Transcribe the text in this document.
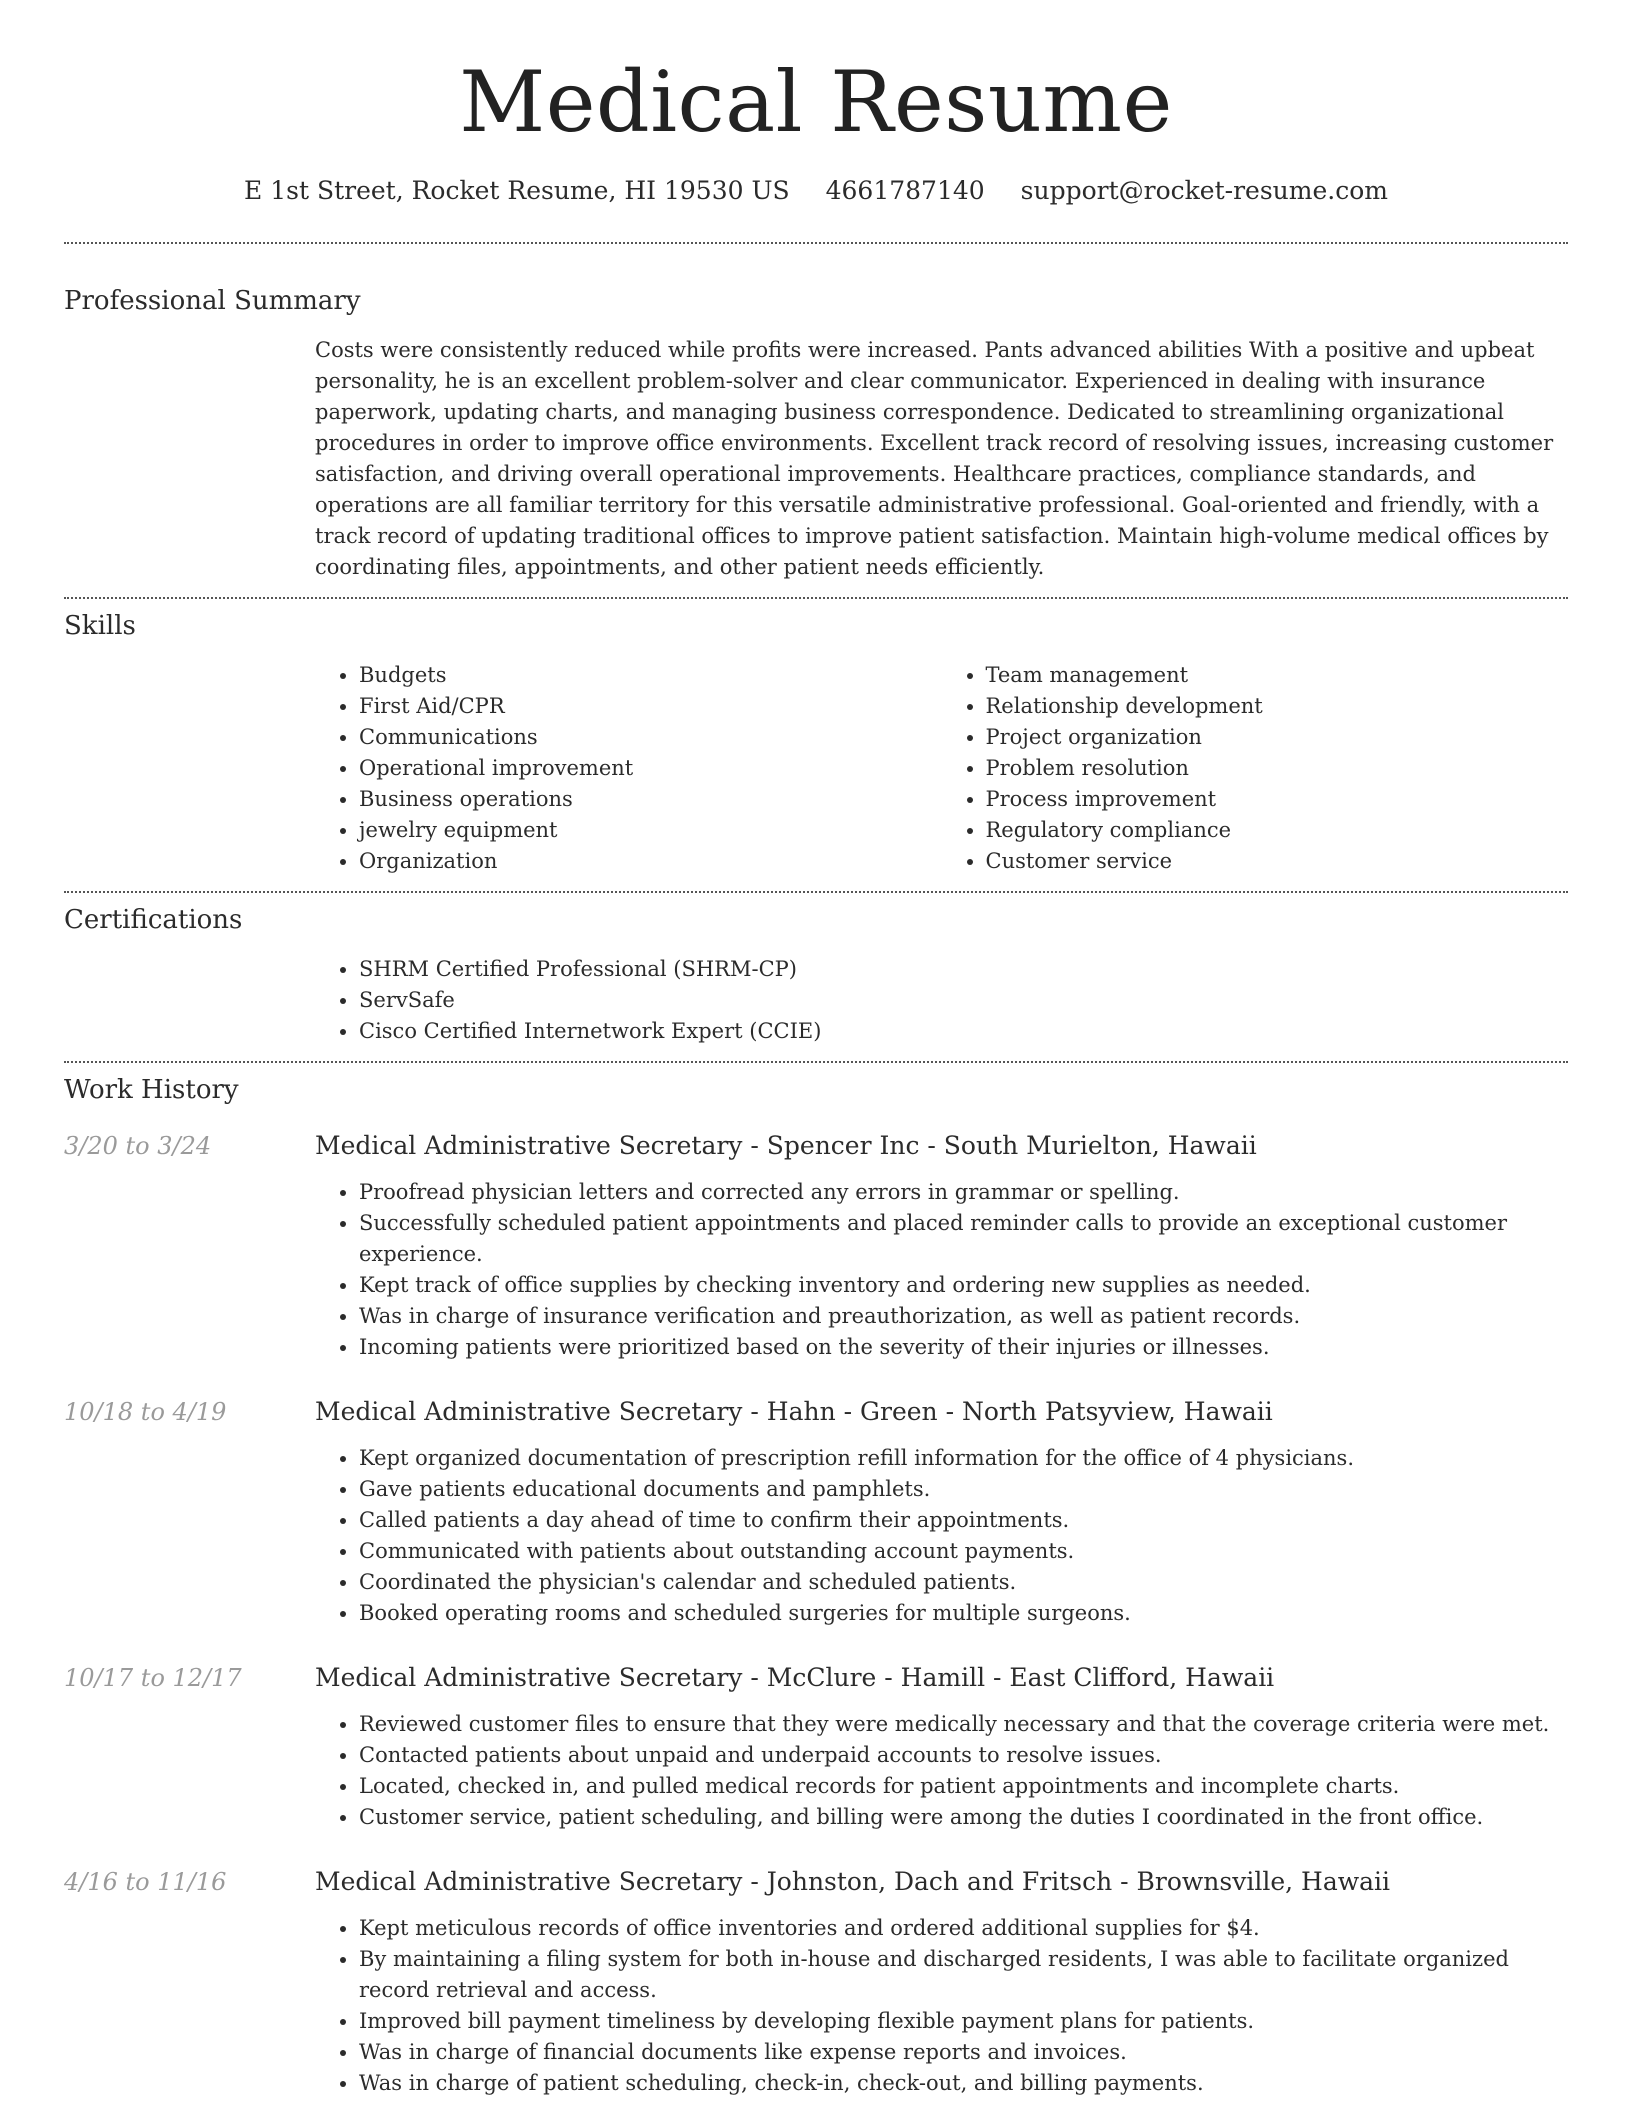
Medical Resume
E 1st Street, Rocket Resume, HI 19530 US 4661787140 support@rocket-resume.com
Professional Summary

Costs were consistently reduced while profits were increased. Pants advanced abilities With a positive and upbeat personality, he is an excellent problem-solver and clear communicator. Experienced in dealing with insurance paperwork, updating charts, and managing business correspondence. Dedicated to streamlining organizational procedures in order to improve office environments. Excellent track record of resolving issues, increasing customer satisfaction, and driving overall operational improvements. Healthcare practices, compliance standards, and operations are all familiar territory for this versatile administrative professional. Goal-oriented and friendly, with a track record of updating traditional offices to improve patient satisfaction. Maintain high-volume medical offices by coordinating files, appointments, and other patient needs efficiently.

Skills
• Budgets
• First Aid/CPR
• Communications
• Operational improvement
• Business operations
• jewelry equipment
• Organization
• Team management
• Relationship development
• Project organization
• Problem resolution
• Process improvement
• Regulatory compliance
• Customer service
Certifications
• SHRM Certified Professional (SHRM-CP)
• ServSafe
• Cisco Certified Internetwork Expert (CCIE)
Work History
3/20 to 3/24	Medical Administrative Secretary - Spencer Inc - South Murielton, Hawaii
• Proofread physician letters and corrected any errors in grammar or spelling.
• Successfully scheduled patient appointments and placed reminder calls to provide an exceptional customer experience.
• Kept track of office supplies by checking inventory and ordering new supplies as needed.
• Was in charge of insurance verification and preauthorization, as well as patient records.
• Incoming patients were prioritized based on the severity of their injuries or illnesses.
10/18 to 4/19	Medical Administrative Secretary - Hahn - Green - North Patsyview, Hawaii
• Kept organized documentation of prescription refill information for the office of 4 physicians.
• Gave patients educational documents and pamphlets.
• Called patients a day ahead of time to confirm their appointments.
• Communicated with patients about outstanding account payments.
• Coordinated the physician's calendar and scheduled patients.
• Booked operating rooms and scheduled surgeries for multiple surgeons.
10/17 to 12/17	Medical Administrative Secretary - McClure - Hamill - East Clifford, Hawaii
• Reviewed customer files to ensure that they were medically necessary and that the coverage criteria were met.
• Contacted patients about unpaid and underpaid accounts to resolve issues.
• Located, checked in, and pulled medical records for patient appointments and incomplete charts.
• Customer service, patient scheduling, and billing were among the duties I coordinated in the front office.
4/16 to 11/16	Medical Administrative Secretary - Johnston, Dach and Fritsch - Brownsville, Hawaii
• Kept meticulous records of office inventories and ordered additional supplies for $4.
• By maintaining a filing system for both in-house and discharged residents, I was able to facilitate organized record retrieval and access.
• Improved bill payment timeliness by developing flexible payment plans for patients.
• Was in charge of financial documents like expense reports and invoices.
• Was in charge of patient scheduling, check-in, check-out, and billing payments.
